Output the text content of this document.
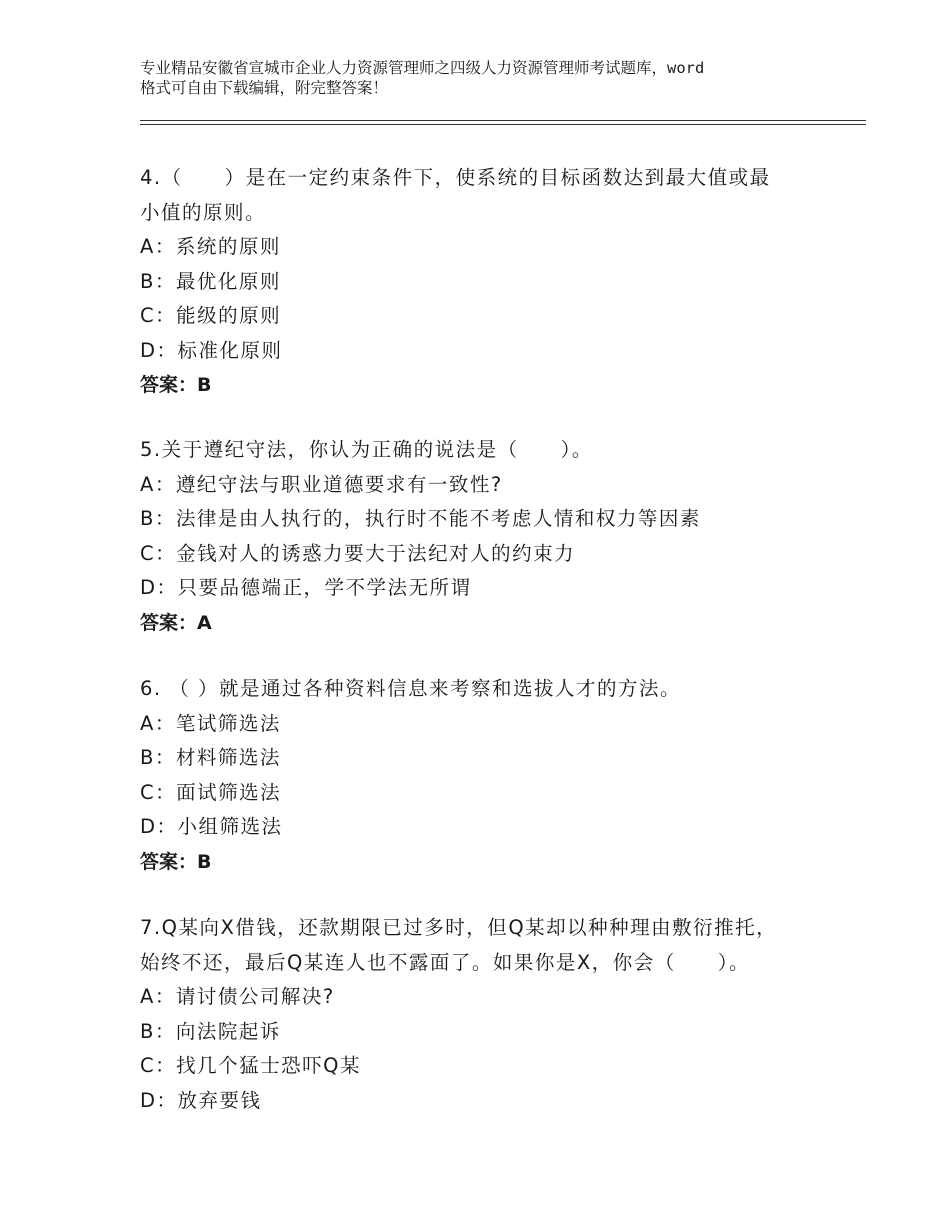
专业精品安徽省宣城市企业人力资源管理师之四级人力资源管理师考试题库，word
格式可自由下载编辑，附完整答案！
4.（　　）是在一定约束条件下，使系统的目标函数达到最大值或最
小值的原则。
A：系统的原则
B：最优化原则
C：能级的原则
D：标准化原则
答案：B
5.关于遵纪守法，你认为正确的说法是（　　）。
A：遵纪守法与职业道德要求有一致性?
B：法律是由人执行的，执行时不能不考虑人情和权力等因素
C：金钱对人的诱惑力要大于法纪对人的约束力
D：只要品德端正，学不学法无所谓
答案：A
6. （ ）就是通过各种资料信息来考察和选拔人才的方法。
A：笔试筛选法
B：材料筛选法
C：面试筛选法
D：小组筛选法
答案：B
7.Q某向X借钱，还款期限已过多时，但Q某却以种种理由敷衍推托，
始终不还，最后Q某连人也不露面了。如果你是X，你会（　　）。
A：请讨债公司解决?
B：向法院起诉
C：找几个猛士恐吓Q某
D：放弃要钱
